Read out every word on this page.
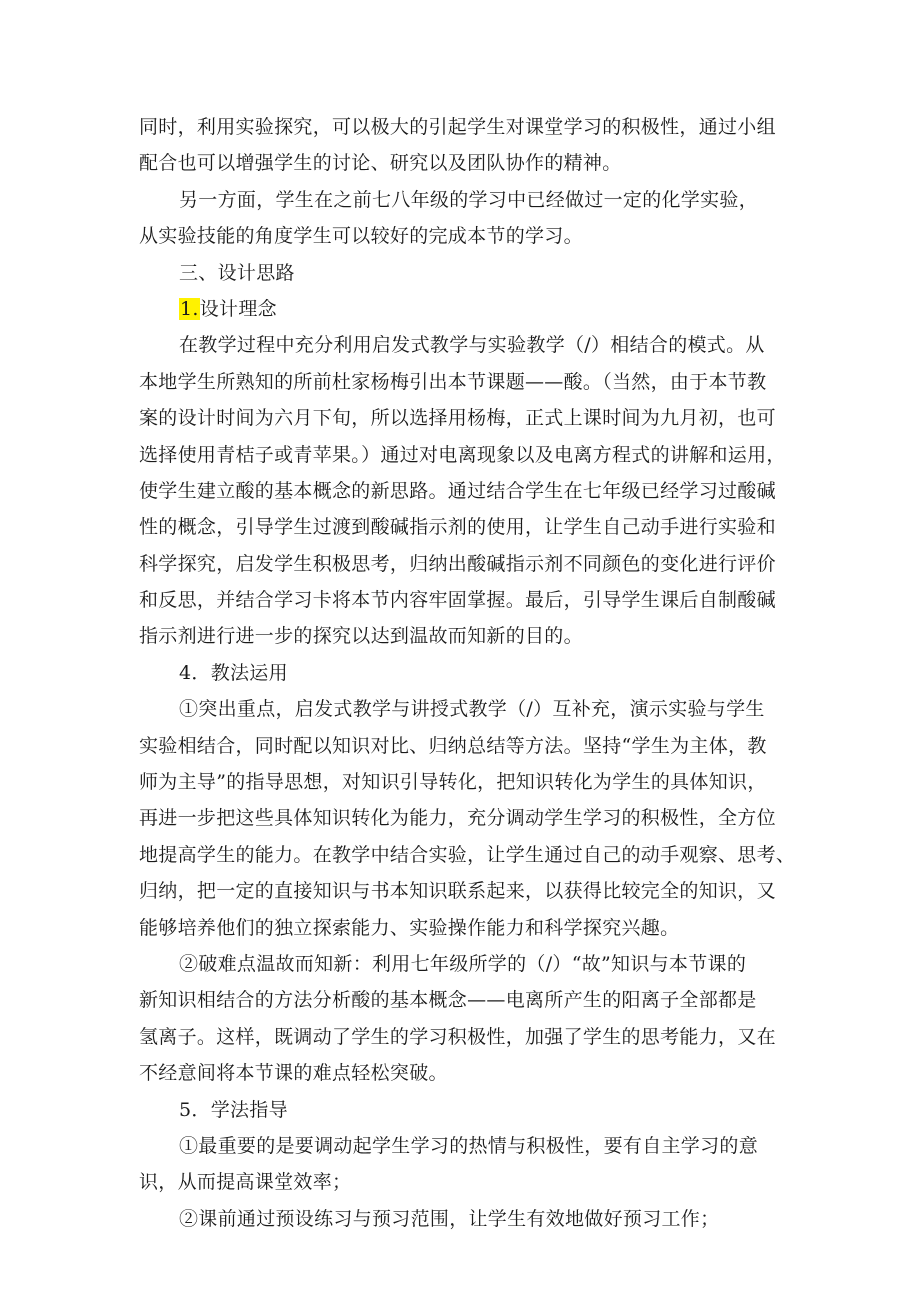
同时，利用实验探究，可以极大的引起学生对课堂学习的积极性，通过小组
配合也可以增强学生的讨论、研究以及团队协作的精神。
另一方面，学生在之前七八年级的学习中已经做过一定的化学实验，
从实验技能的角度学生可以较好的完成本节的学习。
三、设计思路
1.设计理念
在教学过程中充分利用启发式教学与实验教学（/）相结合的模式。从
本地学生所熟知的所前杜家杨梅引出本节课题——酸。（当然，由于本节教
案的设计时间为六月下旬，所以选择用杨梅，正式上课时间为九月初，也可
选择使用青桔子或青苹果。）通过对电离现象以及电离方程式的讲解和运用，
使学生建立酸的基本概念的新思路。通过结合学生在七年级已经学习过酸碱
性的概念，引导学生过渡到酸碱指示剂的使用，让学生自己动手进行实验和
科学探究，启发学生积极思考，归纳出酸碱指示剂不同颜色的变化进行评价
和反思，并结合学习卡将本节内容牢固掌握。最后，引导学生课后自制酸碱
指示剂进行进一步的探究以达到温故而知新的目的。
4．教法运用
①突出重点，启发式教学与讲授式教学（/）互补充，演示实验与学生
实验相结合，同时配以知识对比、归纳总结等方法。坚持“学生为主体，教
师为主导”的指导思想，对知识引导转化，把知识转化为学生的具体知识，
再进一步把这些具体知识转化为能力，充分调动学生学习的积极性，全方位
地提高学生的能力。在教学中结合实验，让学生通过自己的动手观察、思考、
归纳，把一定的直接知识与书本知识联系起来，以获得比较完全的知识，又
能够培养他们的独立探索能力、实验操作能力和科学探究兴趣。
②破难点温故而知新：利用七年级所学的（/）“故”知识与本节课的
新知识相结合的方法分析酸的基本概念——电离所产生的阳离子全部都是
氢离子。这样，既调动了学生的学习积极性，加强了学生的思考能力，又在
不经意间将本节课的难点轻松突破。
5．学法指导
①最重要的是要调动起学生学习的热情与积极性，要有自主学习的意
识，从而提高课堂效率；
②课前通过预设练习与预习范围，让学生有效地做好预习工作；
